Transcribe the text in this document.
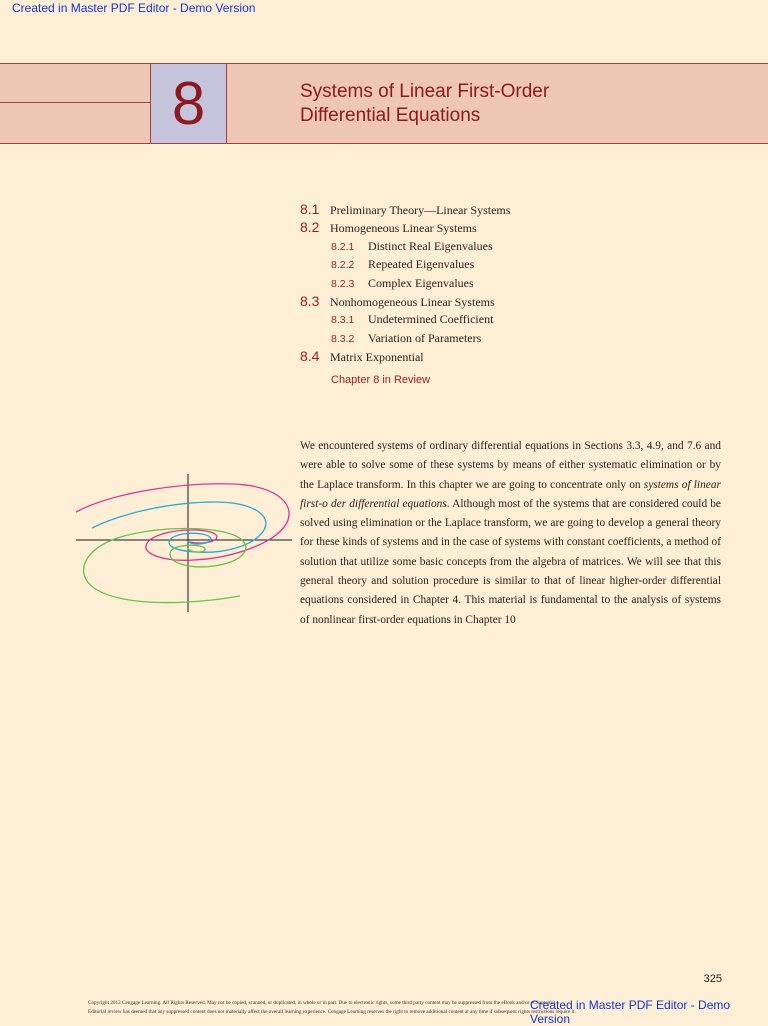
Created in Master PDF Editor - Demo Version
8	Systems of Linear First-Order
Differential Equations
8.1 Preliminary Theory—Linear Systems
8.2 Homogeneous Linear Systems
8.2.1 Distinct Real Eigenvalues
8.2.2 Repeated Eigenvalues
8.2.3 Complex Eigenvalues
8.3 Nonhomogeneous Linear Systems
8.3.1 Undetermined Coefficient
8.3.2 Variation of Parameters
8.4 Matrix Exponential
Chapter 8 in Review
We encountered systems of ordinary differential equations in Sections 3.3, 4.9, and 7.6 and were able to solve some of these systems by means of either systematic elimination or by the Laplace transform. In this chapter we are going to concentrate only on systems of linear first-o der differential equations. Although most of the systems that are considered could be solved using elimination or the Laplace transform, we are going to develop a general theory for these kinds of systems and in the case of systems with constant coefficients, a method of solution that utilize some basic concepts from the algebra of matrices. We will see that this general theory and solution procedure is similar to that of linear higher-order differential equations considered in Chapter 4. This material is fundamental to the analysis of systems of nonlinear first-order equations in Chapter 10
325
Copyright 2012 Cengage Learning. All Rights Reserved. May not be copied, scanned, or duplicated, in whole or in part. Due to electronic rights, some third party content may be suppressed from the eBook and/or eChapter(s).
Editorial review has deemed that any suppressed content does not materially affect the overall learning experience. Cengage Learning reserves the right to remove additional content at any time if subsequent rights restrictions require it.
Created in Master PDF Editor - Demo Version
